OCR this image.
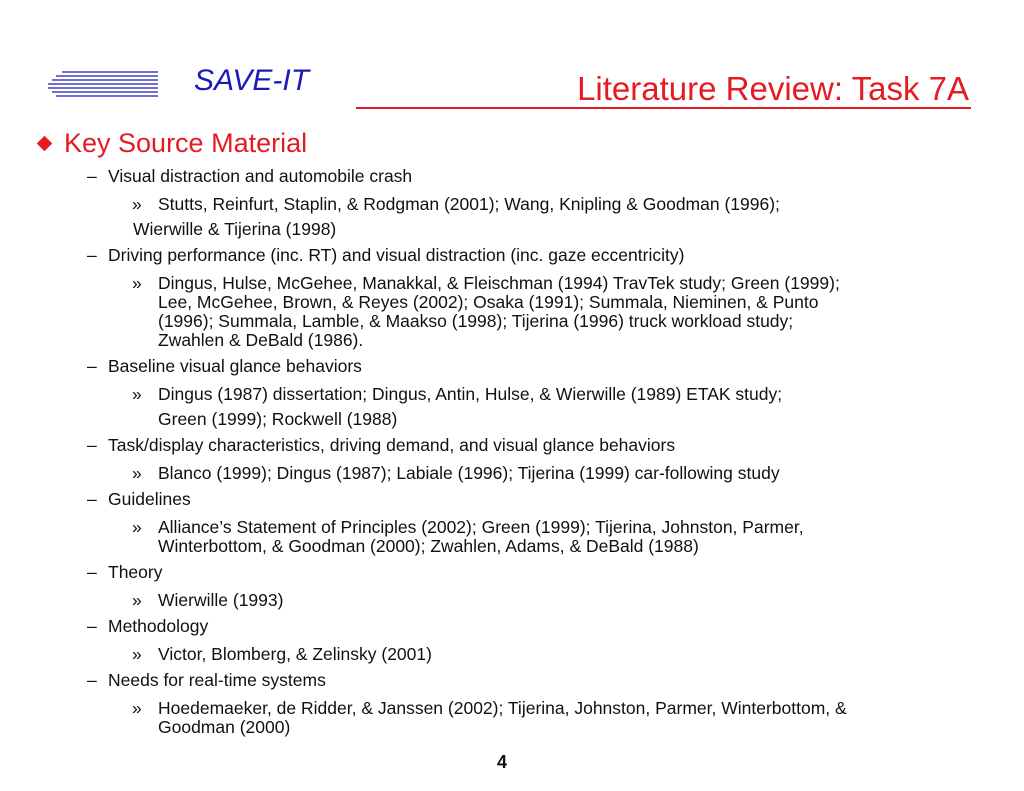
SAVE-IT	Literature Review: Task 7A
Key Source Material
– Visual distraction and automobile crash
» Stutts, Reinfurt, Staplin, & Rodgman (2001); Wang, Knipling & Goodman (1996);
Wierwille & Tijerina (1998)
– Driving performance (inc. RT) and visual distraction (inc. gaze eccentricity)
» Dingus, Hulse, McGehee, Manakkal, & Fleischman (1994) TravTek study; Green (1999);
Lee, McGehee, Brown, & Reyes (2002); Osaka (1991); Summala, Nieminen, & Punto
(1996); Summala, Lamble, & Maakso (1998); Tijerina (1996) truck workload study;
Zwahlen & DeBald (1986).
– Baseline visual glance behaviors
» Dingus (1987) dissertation; Dingus, Antin, Hulse, & Wierwille (1989) ETAK study;
Green (1999); Rockwell (1988)
– Task/display characteristics, driving demand, and visual glance behaviors
» Blanco (1999); Dingus (1987); Labiale (1996); Tijerina (1999) car-following study
– Guidelines
» Alliance’s Statement of Principles (2002); Green (1999); Tijerina, Johnston, Parmer,
Winterbottom, & Goodman (2000); Zwahlen, Adams, & DeBald (1988)
– Theory
» Wierwille (1993)
– Methodology
» Victor, Blomberg, & Zelinsky (2001)
– Needs for real-time systems
» Hoedemaeker, de Ridder, & Janssen (2002); Tijerina, Johnston, Parmer, Winterbottom, &
Goodman (2000)
4
